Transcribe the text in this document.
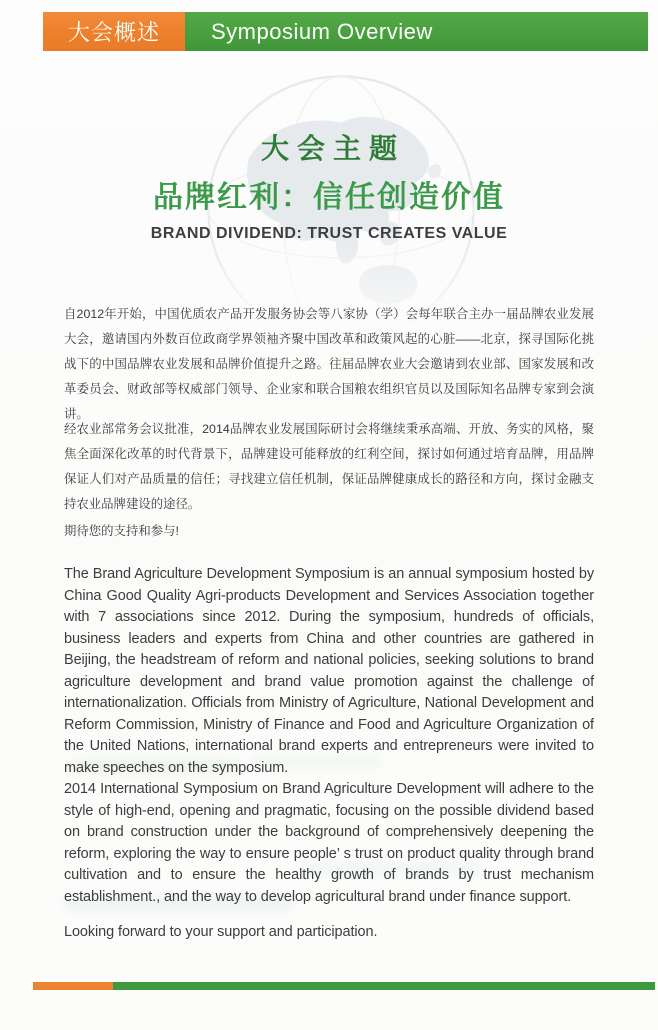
大会概述 Symposium Overview
大会主题
品牌红利：信任创造价值
BRAND DIVIDEND: TRUST CREATES VALUE
自2012年开始，中国优质农产品开发服务协会等八家协（学）会每年联合主办一届品牌农业发展大会，邀请国内外数百位政商学界领袖齐聚中国改革和政策风起的心脏——北京，探寻国际化挑战下的中国品牌农业发展和品牌价值提升之路。往届品牌农业大会邀请到农业部、国家发展和改革委员会、财政部等权威部门领导、企业家和联合国粮农组织官员以及国际知名品牌专家到会演讲。
经农业部常务会议批准，2014品牌农业发展国际研讨会将继续秉承高端、开放、务实的风格，聚焦全面深化改革的时代背景下，品牌建设可能释放的红利空间，探讨如何通过培育品牌，用品牌保证人们对产品质量的信任；寻找建立信任机制，保证品牌健康成长的路径和方向，探讨金融支持农业品牌建设的途径。
期待您的支持和参与!
The Brand Agriculture Development Symposium is an annual symposium hosted by China Good Quality Agri-products Development and Services Association together with 7 associations since 2012. During the symposium, hundreds of officials, business leaders and experts from China and other countries are gathered in Beijing, the headstream of reform and national policies, seeking solutions to brand agriculture development and brand value promotion against the challenge of internationalization. Officials from Ministry of Agriculture, National Development and Reform Commission, Ministry of Finance and Food and Agriculture Organization of the United Nations, international brand experts and entrepreneurs were invited to make speeches on the symposium.
2014 International Symposium on Brand Agriculture Development will adhere to the style of high-end, opening and pragmatic, focusing on the possible dividend based on brand construction under the background of comprehensively deepening the reform, exploring the way to ensure people’ s trust on product quality through brand cultivation and to ensure the healthy growth of brands by trust mechanism establishment., and the way to develop agricultural brand under finance support.
Looking forward to your support and participation.
